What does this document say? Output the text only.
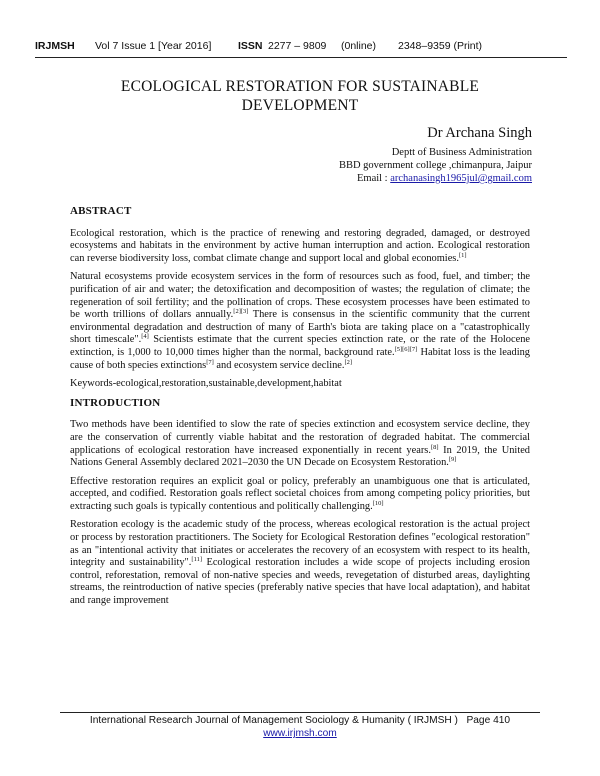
IRJMSH Vol 7 Issue 1 [Year 2016]	ISSN 2277 – 9809 (0nline) 2348–9359 (Print)
ECOLOGICAL RESTORATION FOR SUSTAINABLE
DEVELOPMENT
Dr Archana Singh
Deptt of Business Administration
BBD government college ,chimanpura, Jaipur
Email : archanasingh1965jul@gmail.com
ABSTRACT

Ecological restoration, which is the practice of renewing and restoring degraded, damaged, or destroyed ecosystems and habitats in the environment by active human interruption and action. Ecological restoration can reverse biodiversity loss, combat climate change and support local and global economies.[1]

Natural ecosystems provide ecosystem services in the form of resources such as food, fuel, and timber; the purification of air and water; the detoxification and decomposition of wastes; the regulation of climate; the regeneration of soil fertility; and the pollination of crops. These ecosystem processes have been estimated to be worth trillions of dollars annually.[2][3] There is consensus in the scientific community that the current environmental degradation and destruction of many of Earth's biota are taking place on a "catastrophically short timescale".[4] Scientists estimate that the current species extinction rate, or the rate of the Holocene extinction, is 1,000 to 10,000 times higher than the normal, background rate.[5][6][7] Habitat loss is the leading cause of both species extinctions[7] and ecosystem service decline.[2]

Keywords-ecological,restoration,sustainable,development,habitat

INTRODUCTION

Two methods have been identified to slow the rate of species extinction and ecosystem service decline, they are the conservation of currently viable habitat and the restoration of degraded habitat. The commercial applications of ecological restoration have increased exponentially in recent years.[8] In 2019, the United Nations General Assembly declared 2021–2030 the UN Decade on Ecosystem Restoration.[9]

Effective restoration requires an explicit goal or policy, preferably an unambiguous one that is articulated, accepted, and codified. Restoration goals reflect societal choices from among competing policy priorities, but extracting such goals is typically contentious and politically challenging.[10]

Restoration ecology is the academic study of the process, whereas ecological restoration is the actual project or process by restoration practitioners. The Society for Ecological Restoration defines "ecological restoration" as an "intentional activity that initiates or accelerates the recovery of an ecosystem with respect to its health, integrity and sustainability".[11] Ecological restoration includes a wide scope of projects including erosion control, reforestation, removal of non-native species and weeds, revegetation of disturbed areas, daylighting streams, the reintroduction of native species (preferably native species that have local adaptation), and habitat and range improvement

International Research Journal of Management Sociology & Humanity ( IRJMSH ) Page 410
www.irjmsh.com
